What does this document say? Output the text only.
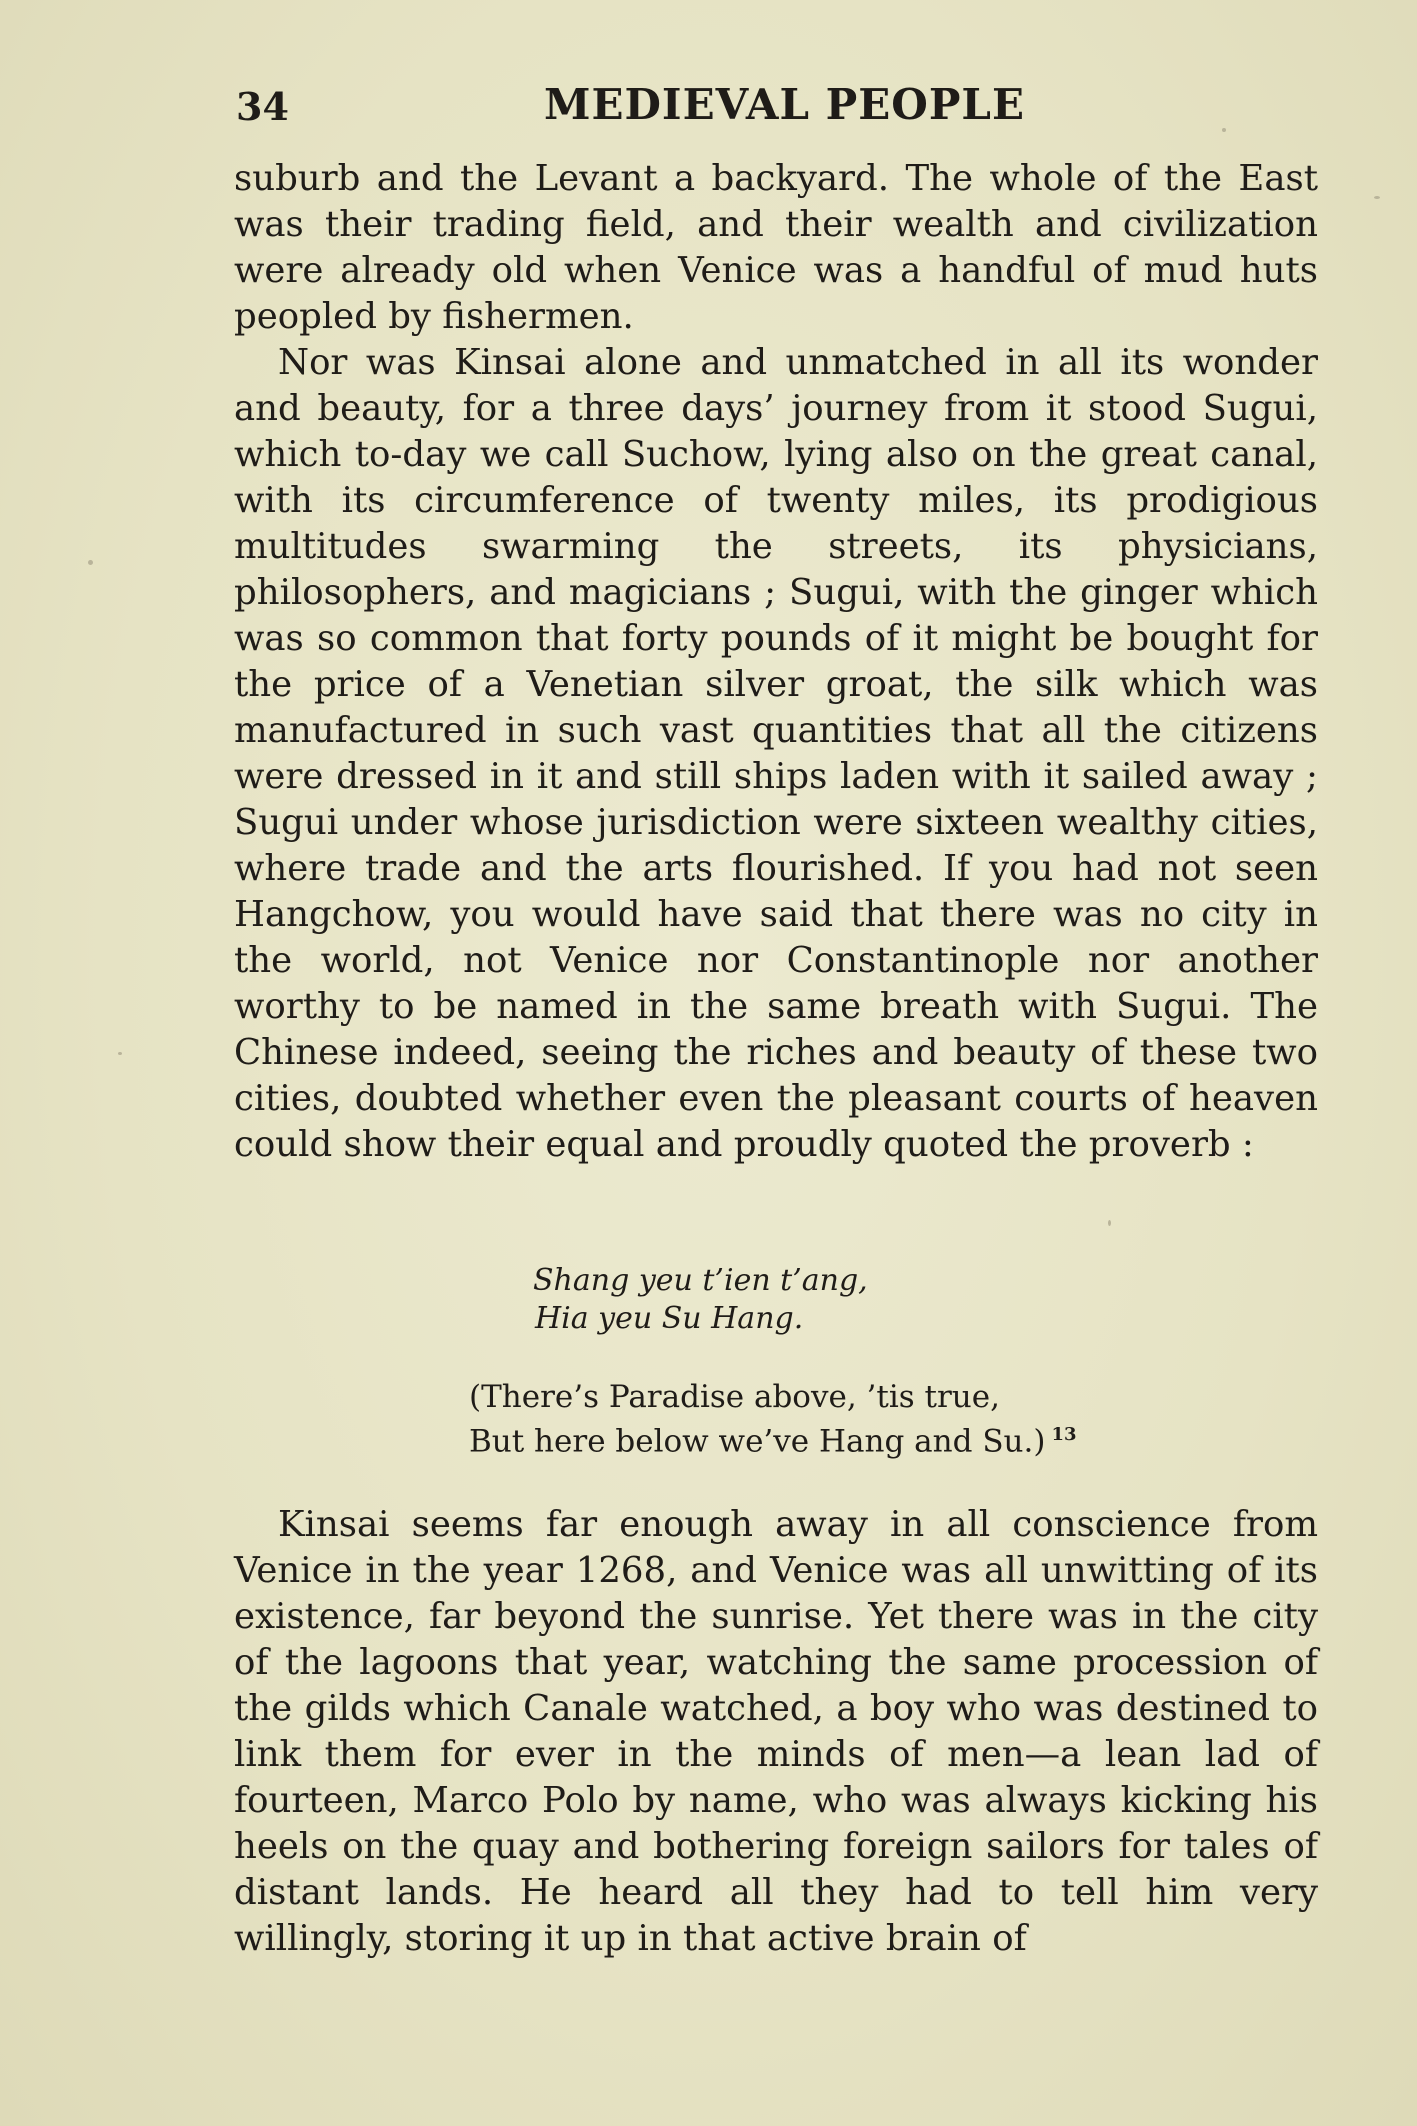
34	MEDIEVAL PEOPLE

suburb and the Levant a backyard. The whole of the East was their trading field, and their wealth and civilization were already old when Venice was a handful of mud huts peopled by fishermen.

Nor was Kinsai alone and unmatched in all its wonder and beauty, for a three days’ journey from it stood Sugui, which to-day we call Suchow, lying also on the great canal, with its circumference of twenty miles, its prodigious multitudes swarming the streets, its physicians, philosophers, and magicians ; Sugui, with the ginger which was so common that forty pounds of it might be bought for the price of a Venetian silver groat, the silk which was manufactured in such vast quantities that all the citizens were dressed in it and still ships laden with it sailed away ; Sugui under whose jurisdiction were sixteen wealthy cities, where trade and the arts flourished. If you had not seen Hangchow, you would have said that there was no city in the world, not Venice nor Constantinople nor another worthy to be named in the same breath with Sugui. The Chinese indeed, seeing the riches and beauty of these two cities, doubted whether even the pleasant courts of heaven could show their equal and proudly quoted the proverb :

Kinsai seems far enough away in all conscience from Venice in the year 1268, and Venice was all unwitting of its existence, far beyond the sunrise. Yet there was in the city of the lagoons that year, watching the same procession of the gilds which Canale watched, a boy who was destined to link them for ever in the minds of men—a lean lad of fourteen, Marco Polo by name, who was always kicking his heels on the quay and bothering foreign sailors for tales of distant lands. He heard all they had to tell him very willingly, storing it up in that active brain of

Shang yeu t’ien t’ang,
Hia yeu Su Hang.
(There’s Paradise above, ’tis true,
But here below we’ve Hang and Su.) $^{13}$
